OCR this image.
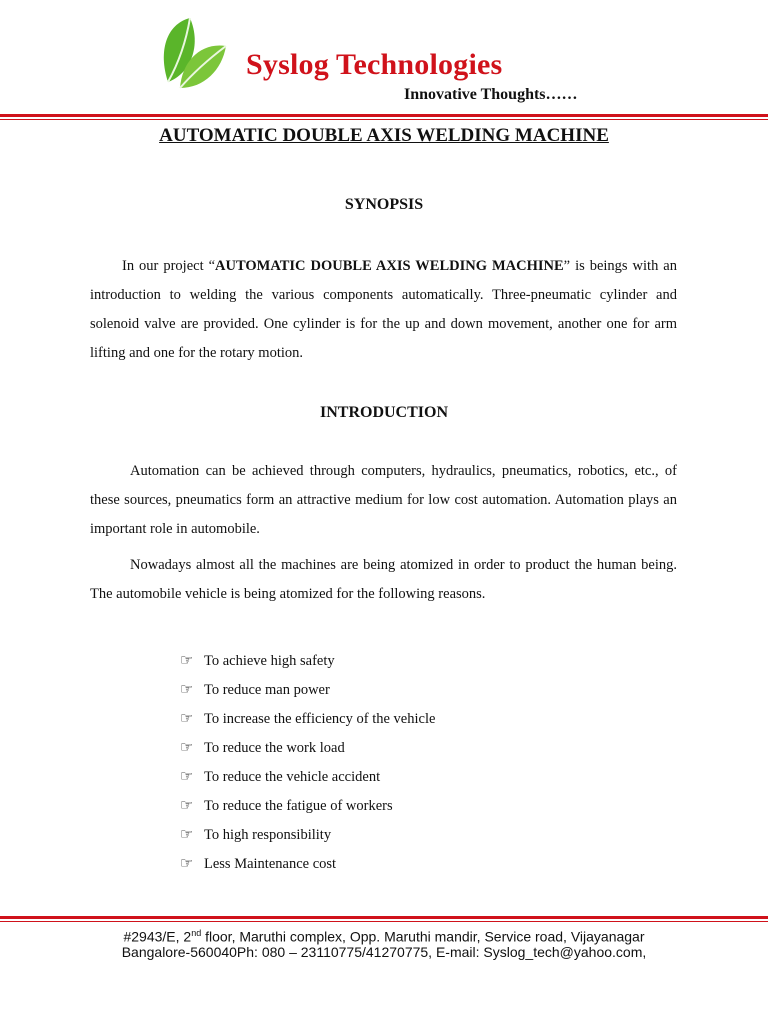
Syslog Technologies
Innovative Thoughts……
AUTOMATIC DOUBLE AXIS WELDING MACHINE
SYNOPSIS

In our project “AUTOMATIC DOUBLE AXIS WELDING MACHINE” is beings with an introduction to welding the various components automatically. Three-pneumatic cylinder and solenoid valve are provided. One cylinder is for the up and down movement, another one for arm lifting and one for the rotary motion.

INTRODUCTION

Automation can be achieved through computers, hydraulics, pneumatics, robotics, etc., of these sources, pneumatics form an attractive medium for low cost automation. Automation plays an important role in automobile.

Nowadays almost all the machines are being atomized in order to product the human being. The automobile vehicle is being atomized for the following reasons.

☞ To achieve high safety
☞ To reduce man power
☞ To increase the efficiency of the vehicle
☞ To reduce the work load
☞ To reduce the vehicle accident
☞ To reduce the fatigue of workers
☞ To high responsibility
☞ Less Maintenance cost
#2943/E, 2nd floor, Maruthi complex, Opp. Maruthi mandir, Service road, Vijayanagar
Bangalore-560040Ph: 080 – 23110775/41270775, E-mail: Syslog_tech@yahoo.com,
